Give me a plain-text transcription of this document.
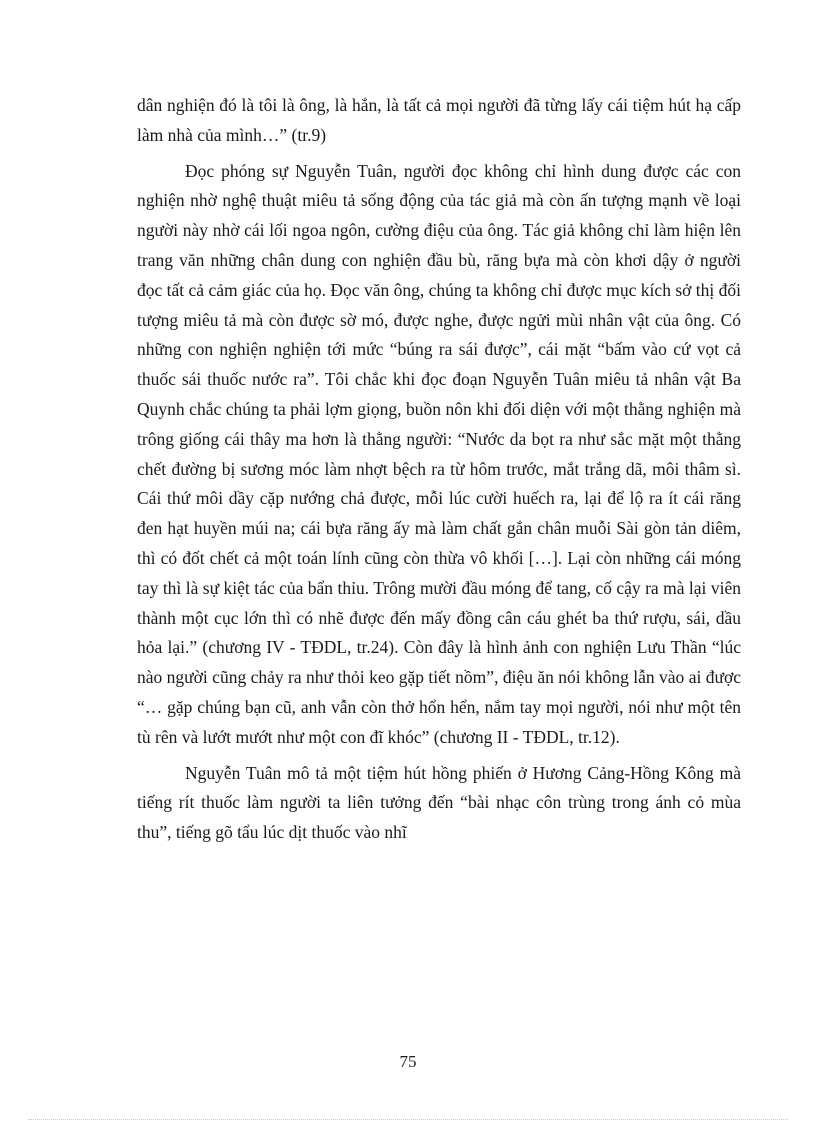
dân nghiện đó là tôi là ông, là hắn, là tất cả mọi người đã từng lấy cái tiệm hút hạ cấp làm nhà của mình…” (tr.9)

Đọc phóng sự Nguyễn Tuân, người đọc không chỉ hình dung được các con nghiện nhờ nghệ thuật miêu tả sống động của tác giả mà còn ấn tượng mạnh về loại người này nhờ cái lối ngoa ngôn, cường điệu của ông. Tác giả không chỉ làm hiện lên trang văn những chân dung con nghiện đầu bù, răng bựa mà còn khơi dậy ở người đọc tất cả cảm giác của họ. Đọc văn ông, chúng ta không chỉ được mục kích sở thị đối tượng miêu tả mà còn được sờ mó, được nghe, được ngửi mùi nhân vật của ông. Có những con nghiện nghiện tới mức “búng ra sái được”, cái mặt “bấm vào cứ vọt cả thuốc sái thuốc nước ra”. Tôi chắc khi đọc đoạn Nguyễn Tuân miêu tả nhân vật Ba Quynh chắc chúng ta phải lợm giọng, buồn nôn khi đối diện với một thằng nghiện mà trông giống cái thây ma hơn là thằng người: “Nước da bọt ra như sắc mặt một thằng chết đường bị sương móc làm nhợt bệch ra từ hôm trước, mắt trắng dã, môi thâm sì. Cái thứ môi dầy cặp nướng chả được, mỗi lúc cười huếch ra, lại để lộ ra ít cái răng đen hạt huyền múi na; cái bựa răng ấy mà làm chất gắn chân muỗi Sài gòn tản diêm, thì có đốt chết cả một toán lính cũng còn thừa vô khối […]. Lại còn những cái móng tay thì là sự kiệt tác của bẩn thỉu. Trông mười đầu móng để tang, cố cậy ra mà lại viên thành một cục lớn thì có nhẽ được đến mấy đồng cân cáu ghét ba thứ rượu, sái, dầu hỏa lại.” (chương IV - TĐDL, tr.24). Còn đây là hình ảnh con nghiện Lưu Thần “lúc nào người cũng chảy ra như thỏi keo gặp tiết nồm”, điệu ăn nói không lẫn vào ai được “… gặp chúng bạn cũ, anh vẫn còn thở hổn hển, nắm tay mọi người, nói như một tên tù rên và lướt mướt như một con đĩ khóc” (chương II - TĐDL, tr.12).

Nguyễn Tuân mô tả một tiệm hút hồng phiến ở Hương Cảng-Hồng Kông mà tiếng rít thuốc làm người ta liên tưởng đến “bài nhạc côn trùng trong ánh cỏ mùa thu”, tiếng gõ tẩu lúc dịt thuốc vào nhĩ

75
